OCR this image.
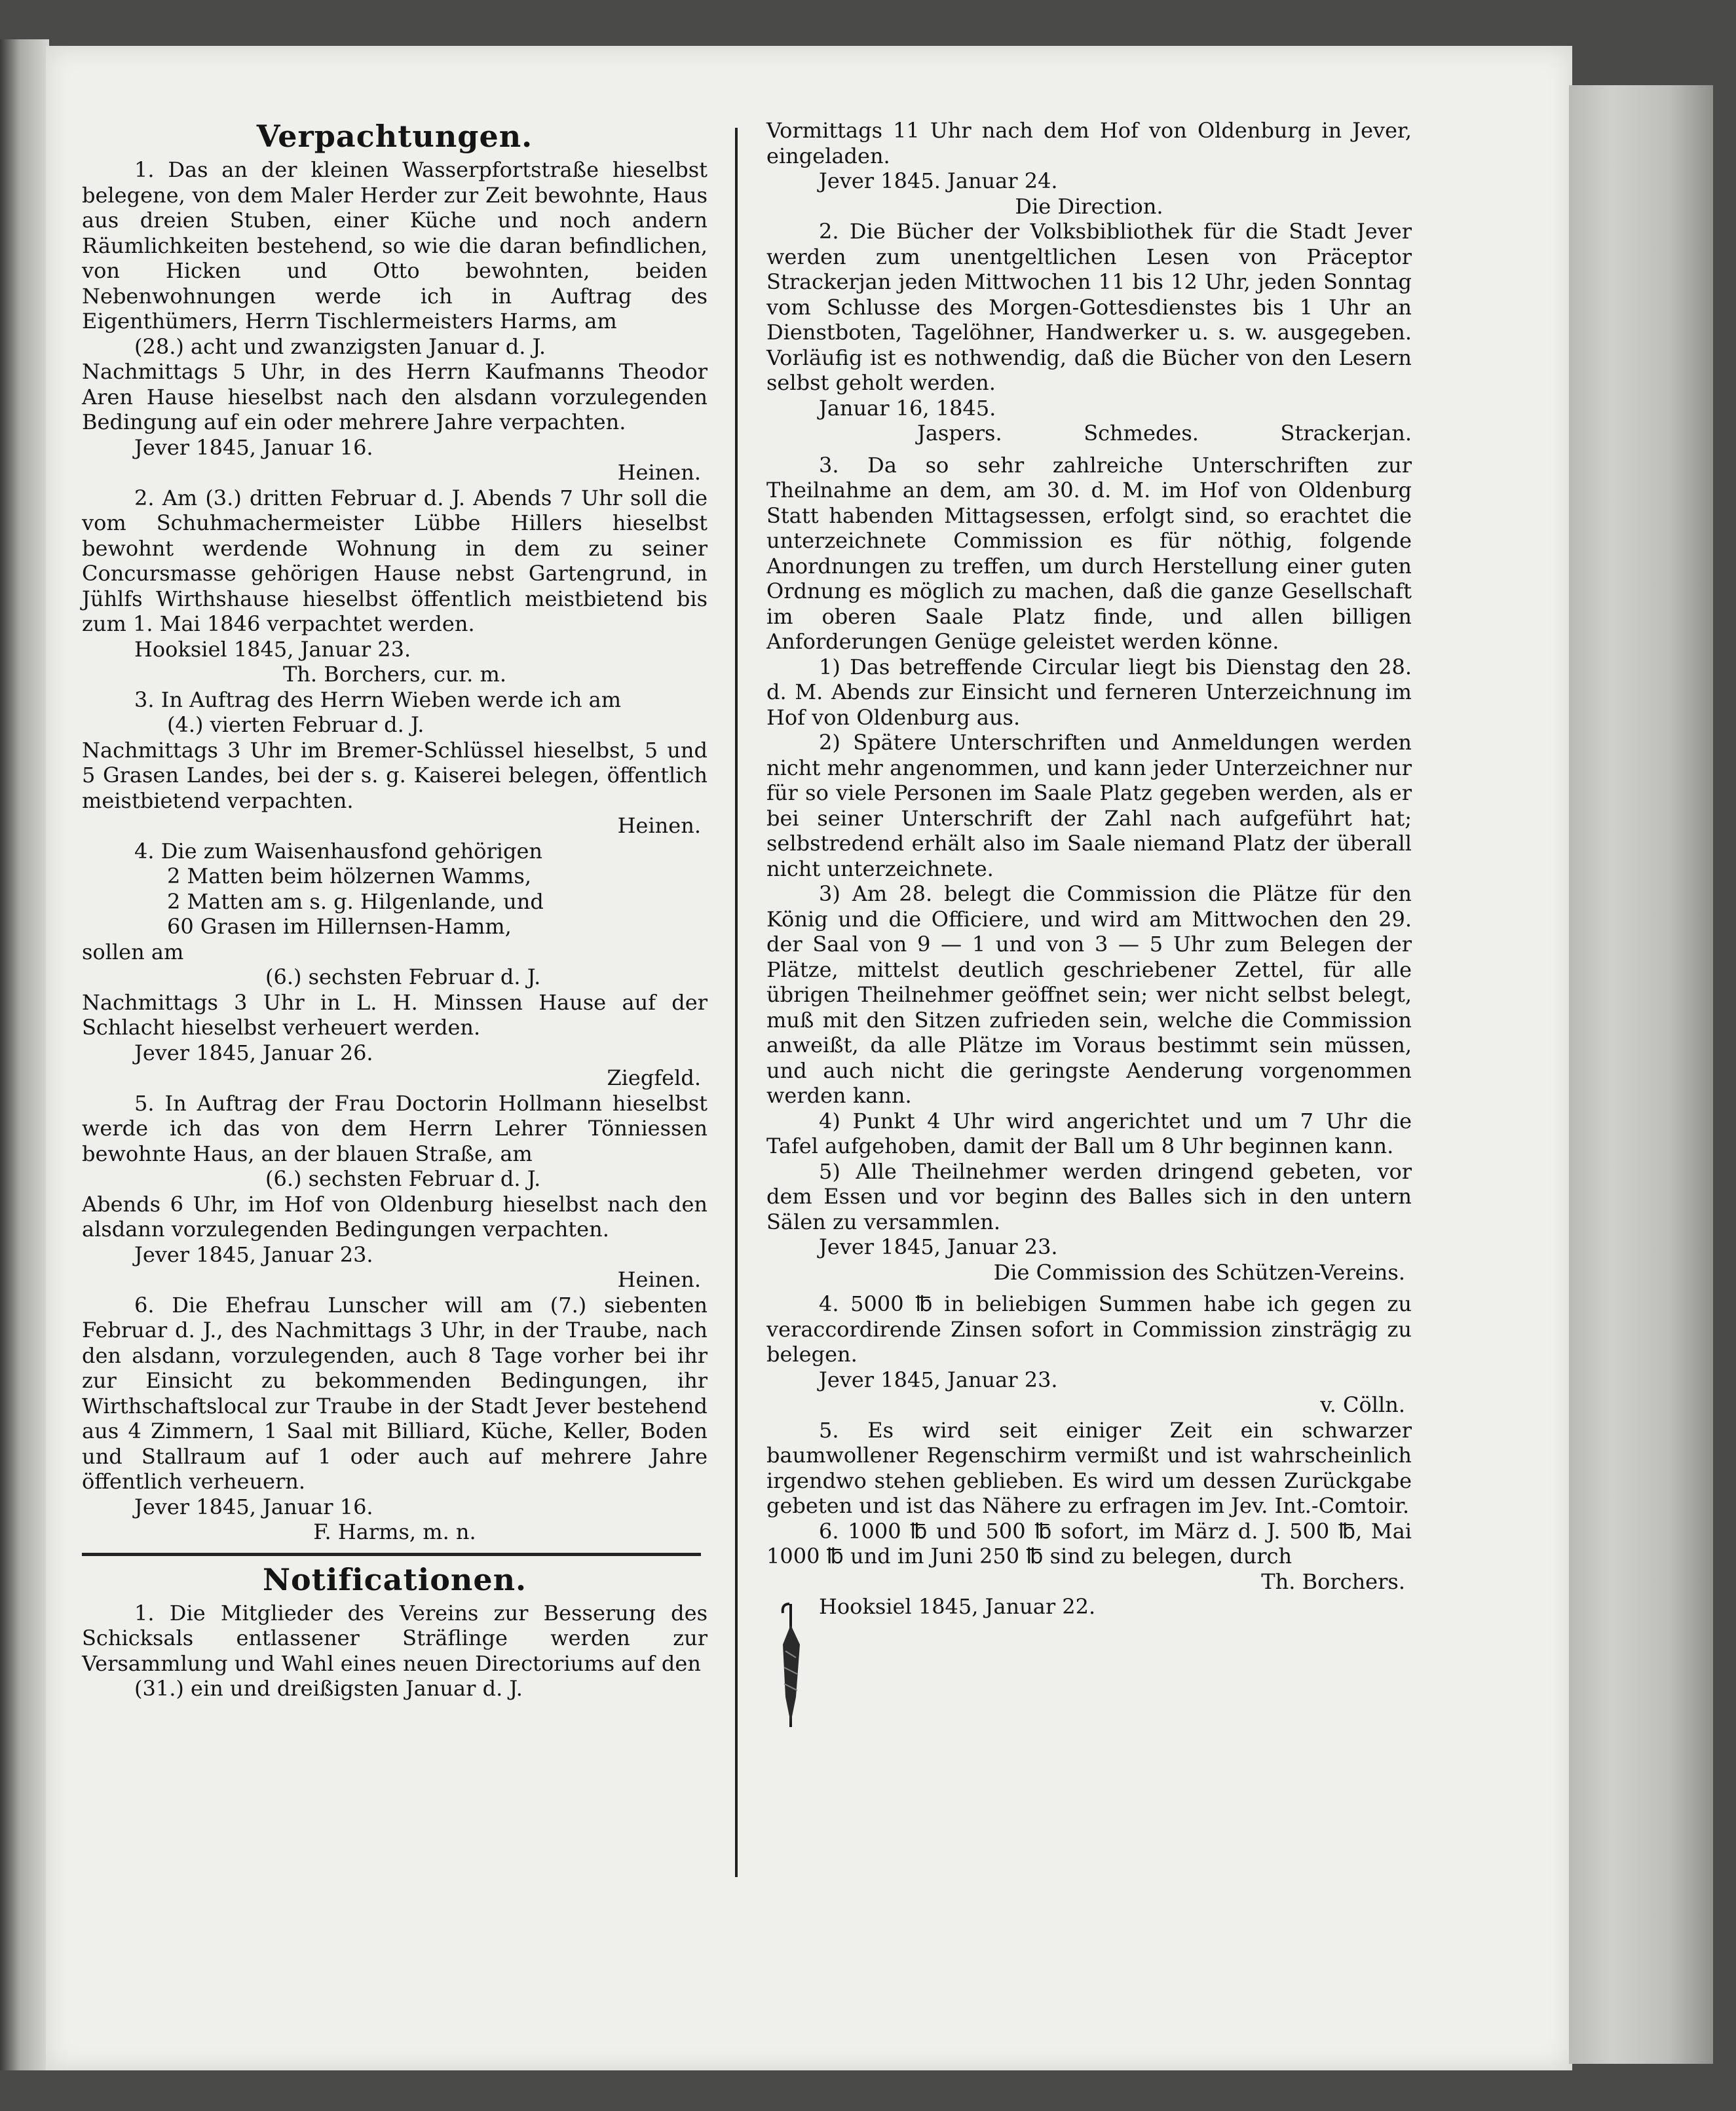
Verpachtungen.

1. Das an der kleinen Wasserpfortstraße hieselbst belegene, von dem Maler Herder zur Zeit bewohnte, Haus aus dreien Stuben, einer Küche und noch andern Räumlichkeiten bestehend, so wie die daran befindlichen, von Hicken und Otto bewohnten, beiden Nebenwohnungen werde ich in Auftrag des Eigenthümers, Herrn Tischlermeisters Harms, am

(28.) acht und zwanzigsten Januar d. J.

Nachmittags 5 Uhr, in des Herrn Kaufmanns Theodor Aren Hause hieselbst nach den alsdann vorzulegenden Bedingung auf ein oder mehrere Jahre verpachten.

Jever 1845, Januar 16.

Heinen.

2. Am (3.) dritten Februar d. J. Abends 7 Uhr soll die vom Schuhmachermeister Lübbe Hillers hieselbst bewohnt werdende Wohnung in dem zu seiner Concursmasse gehörigen Hause nebst Gartengrund, in Jühlfs Wirthshause hieselbst öffentlich meistbietend bis zum 1. Mai 1846 verpachtet werden.

Hooksiel 1845, Januar 23.

Th. Borchers, cur. m.

3. In Auftrag des Herrn Wieben werde ich am

(4.) vierten Februar d. J.

Nachmittags 3 Uhr im Bremer-Schlüssel hieselbst, 5 und 5 Grasen Landes, bei der s. g. Kaiserei belegen, öffentlich meistbietend verpachten.

Heinen.

4. Die zum Waisenhausfond gehörigen

2 Matten beim hölzernen Wamms,

2 Matten am s. g. Hilgenlande, und

60 Grasen im Hillernsen-Hamm,

sollen am

(6.) sechsten Februar d. J.

Nachmittags 3 Uhr in L. H. Minssen Hause auf der Schlacht hieselbst verheuert werden.

Jever 1845, Januar 26.

Ziegfeld.

5. In Auftrag der Frau Doctorin Hollmann hieselbst werde ich das von dem Herrn Lehrer Tönniessen bewohnte Haus, an der blauen Straße, am

(6.) sechsten Februar d. J.

Abends 6 Uhr, im Hof von Oldenburg hieselbst nach den alsdann vorzulegenden Bedingungen verpachten.

Jever 1845, Januar 23.

Heinen.

6. Die Ehefrau Lunscher will am (7.) siebenten Februar d. J., des Nachmittags 3 Uhr, in der Traube, nach den alsdann, vorzulegenden, auch 8 Tage vorher bei ihr zur Einsicht zu bekommenden Bedingungen, ihr Wirthschaftslocal zur Traube in der Stadt Jever bestehend aus 4 Zimmern, 1 Saal mit Billiard, Küche, Keller, Boden und Stallraum auf 1 oder auch auf mehrere Jahre öffentlich verheuern.

Jever 1845, Januar 16.

F. Harms, m. n.

Notificationen.

1. Die Mitglieder des Vereins zur Besserung des Schicksals entlassener Sträflinge werden zur Versammlung und Wahl eines neuen Directoriums auf den

(31.) ein und dreißigsten Januar d. J.

Vormittags 11 Uhr nach dem Hof von Oldenburg in Jever, eingeladen.

Jever 1845. Januar 24.

Die Direction.

2. Die Bücher der Volksbibliothek für die Stadt Jever werden zum unentgeltlichen Lesen von Präceptor Strackerjan jeden Mittwochen 11 bis 12 Uhr, jeden Sonntag vom Schlusse des Morgen-Gottesdienstes bis 1 Uhr an Dienstboten, Tagelöhner, Handwerker u. s. w. ausgegeben. Vorläufig ist es nothwendig, daß die Bücher von den Lesern selbst geholt werden.

Januar 16, 1845.

Jaspers.	Schmedes.	Strackerjan.

3. Da so sehr zahlreiche Unterschriften zur Theilnahme an dem, am 30. d. M. im Hof von Oldenburg Statt habenden Mittagsessen, erfolgt sind, so erachtet die unterzeichnete Commission es für nöthig, folgende Anordnungen zu treffen, um durch Herstellung einer guten Ordnung es möglich zu machen, daß die ganze Gesellschaft im oberen Saale Platz finde, und allen billigen Anforderungen Genüge geleistet werden könne.

1) Das betreffende Circular liegt bis Dienstag den 28. d. M. Abends zur Einsicht und ferneren Unterzeichnung im Hof von Oldenburg aus.

2) Spätere Unterschriften und Anmeldungen werden nicht mehr angenommen, und kann jeder Unterzeichner nur für so viele Personen im Saale Platz gegeben werden, als er bei seiner Unterschrift der Zahl nach aufgeführt hat; selbstredend erhält also im Saale niemand Platz der überall nicht unterzeichnete.

3) Am 28. belegt die Commission die Plätze für den König und die Officiere, und wird am Mittwochen den 29. der Saal von 9 — 1 und von 3 — 5 Uhr zum Belegen der Plätze, mittelst deutlich geschriebener Zettel, für alle übrigen Theilnehmer geöffnet sein; wer nicht selbst belegt, muß mit den Sitzen zufrieden sein, welche die Commission anweißt, da alle Plätze im Voraus bestimmt sein müssen, und auch nicht die geringste Aenderung vorgenommen werden kann.

4) Punkt 4 Uhr wird angerichtet und um 7 Uhr die Tafel aufgehoben, damit der Ball um 8 Uhr beginnen kann.

5) Alle Theilnehmer werden dringend gebeten, vor dem Essen und vor beginn des Balles sich in den untern Sälen zu versammlen.

Jever 1845, Januar 23.

Die Commission des Schützen-Vereins.

4. 5000 ℔ in beliebigen Summen habe ich gegen zu veraccordirende Zinsen sofort in Commission zinsträgig zu belegen.

Jever 1845, Januar 23.

v. Cölln.

5. Es wird seit einiger Zeit ein schwarzer baumwollener Regenschirm vermißt und ist wahrscheinlich irgendwo stehen geblieben. Es wird um dessen Zurückgabe gebeten und ist das Nähere zu erfragen im Jev. Int.-Comtoir.

6. 1000 ℔ und 500 ℔ sofort, im März d. J. 500 ℔, Mai 1000 ℔ und im Juni 250 ℔ sind zu belegen, durch

Th. Borchers.

Hooksiel 1845, Januar 22.
